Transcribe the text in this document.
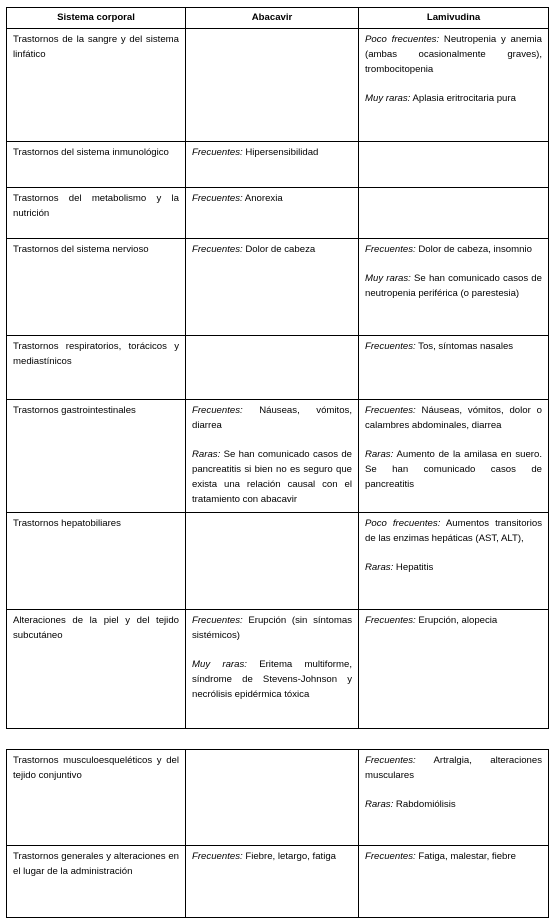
Sistema corporal	Abacavir	Lamivudina
Trastornos de la sangre y del sistema linfático		Poco frecuentes: Neutropenia y anemia (ambas ocasionalmente graves), trombocitopenia
Muy raras: Aplasia eritrocitaria pura

Trastornos del sistema inmunológico	Frecuentes: Hipersensibilidad	

Trastornos del metabolismo y la nutrición	Frecuentes: Anorexia	

Trastornos del sistema nervioso	Frecuentes: Dolor de cabeza	Frecuentes: Dolor de cabeza, insomnio
Muy raras: Se han comunicado casos de neutropenia periférica (o parestesia)

Trastornos respiratorios, torácicos y mediastínicos		Frecuentes: Tos, síntomas nasales

Trastornos gastrointestinales	Frecuentes: Náuseas, vómitos, diarrea
Raras: Se han comunicado casos de pancreatitis si bien no es seguro que exista una relación causal con el tratamiento con abacavir	Frecuentes: Náuseas, vómitos, dolor o calambres abdominales, diarrea
Raras: Aumento de la amilasa en suero. Se han comunicado casos de pancreatitis

Trastornos hepatobiliares		Poco frecuentes: Aumentos transitorios de las enzimas hepáticas (AST, ALT),
Raras: Hepatitis

Alteraciones de la piel y del tejido subcutáneo	Frecuentes: Erupción (sin síntomas sistémicos)
Muy raras: Eritema multiforme, síndrome de Stevens-Johnson y necrólisis epidérmica tóxica	Frecuentes: Erupción, alopecia
Trastornos musculoesqueléticos y del tejido conjuntivo		Frecuentes: Artralgia, alteraciones musculares
Raras: Rabdomiólisis

Trastornos generales y alteraciones en el lugar de la administración	Frecuentes: Fiebre, letargo, fatiga	Frecuentes: Fatiga, malestar, fiebre
